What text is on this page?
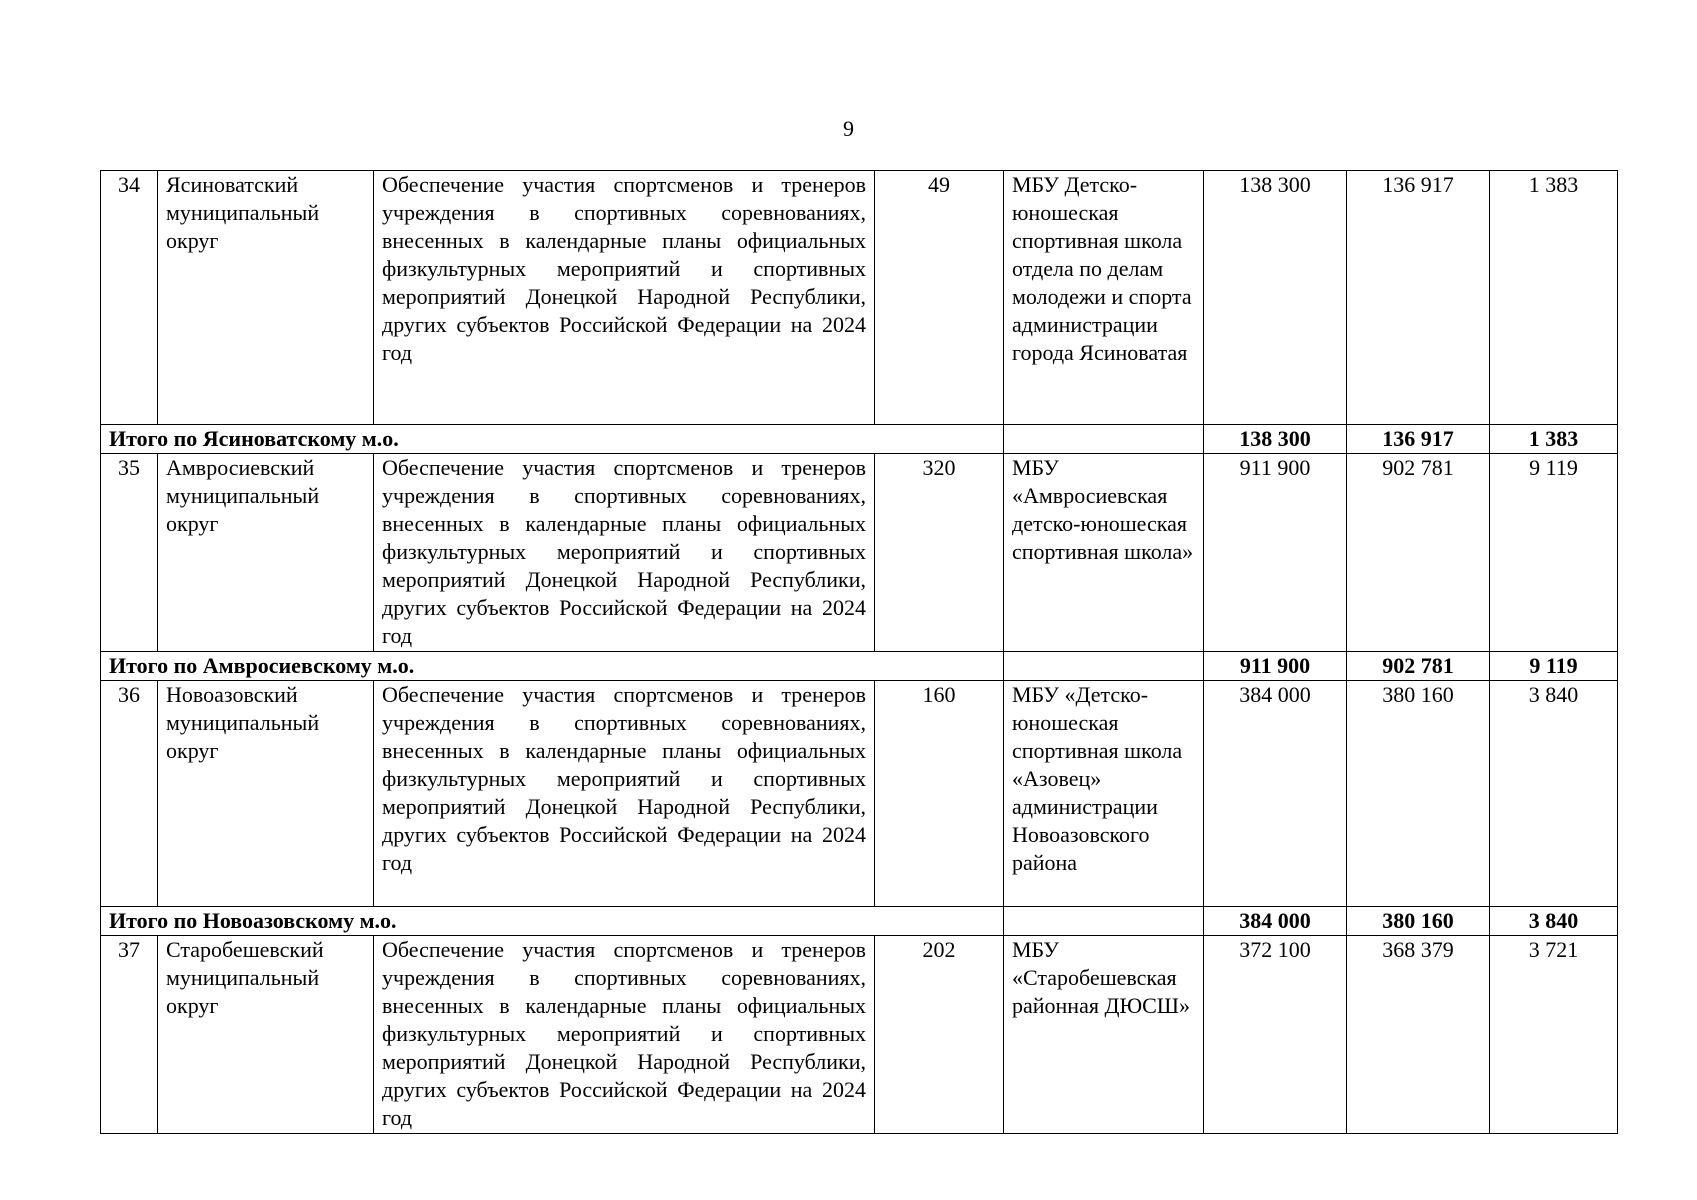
9
34	Ясиноватский муниципальный округ	Обеспечение участия спортсменов и тренеров учреждения в спортивных соревнованиях, внесенных в календарные планы официальных физкультурных мероприятий и спортивных мероприятий Донецкой Народной Республики, других субъектов Российской Федерации на 2024 год	49	МБУ Детско-юношеская спортивная школа отдела по делам молодежи и спорта администрации города Ясиноватая	138 300	136 917	1 383
Итого по Ясиноватскому м.о.					138 300	136 917	1 383
35	Амвросиевский муниципальный округ	Обеспечение участия спортсменов и тренеров учреждения в спортивных соревнованиях, внесенных в календарные планы официальных физкультурных мероприятий и спортивных мероприятий Донецкой Народной Республики, других субъектов Российской Федерации на 2024 год	320	МБУ «Амвросиевская детско-юношеская спортивная школа»	911 900	902 781	9 119
Итого по Амвросиевскому м.о.					911 900	902 781	9 119
36	Новоазовский муниципальный округ	Обеспечение участия спортсменов и тренеров учреждения в спортивных соревнованиях, внесенных в календарные планы официальных физкультурных мероприятий и спортивных мероприятий Донецкой Народной Республики, других субъектов Российской Федерации на 2024 год	160	МБУ «Детско-юношеская спортивная школа «Азовец» администрации Новоазовского района	384 000	380 160	3 840
Итого по Новоазовскому м.о.					384 000	380 160	3 840
37	Старобешевский муниципальный округ	Обеспечение участия спортсменов и тренеров учреждения в спортивных соревнованиях, внесенных в календарные планы официальных физкультурных мероприятий и спортивных мероприятий Донецкой Народной Республики, других субъектов Российской Федерации на 2024 год	202	МБУ «Старобешевская районная ДЮСШ»	372 100	368 379	3 721
